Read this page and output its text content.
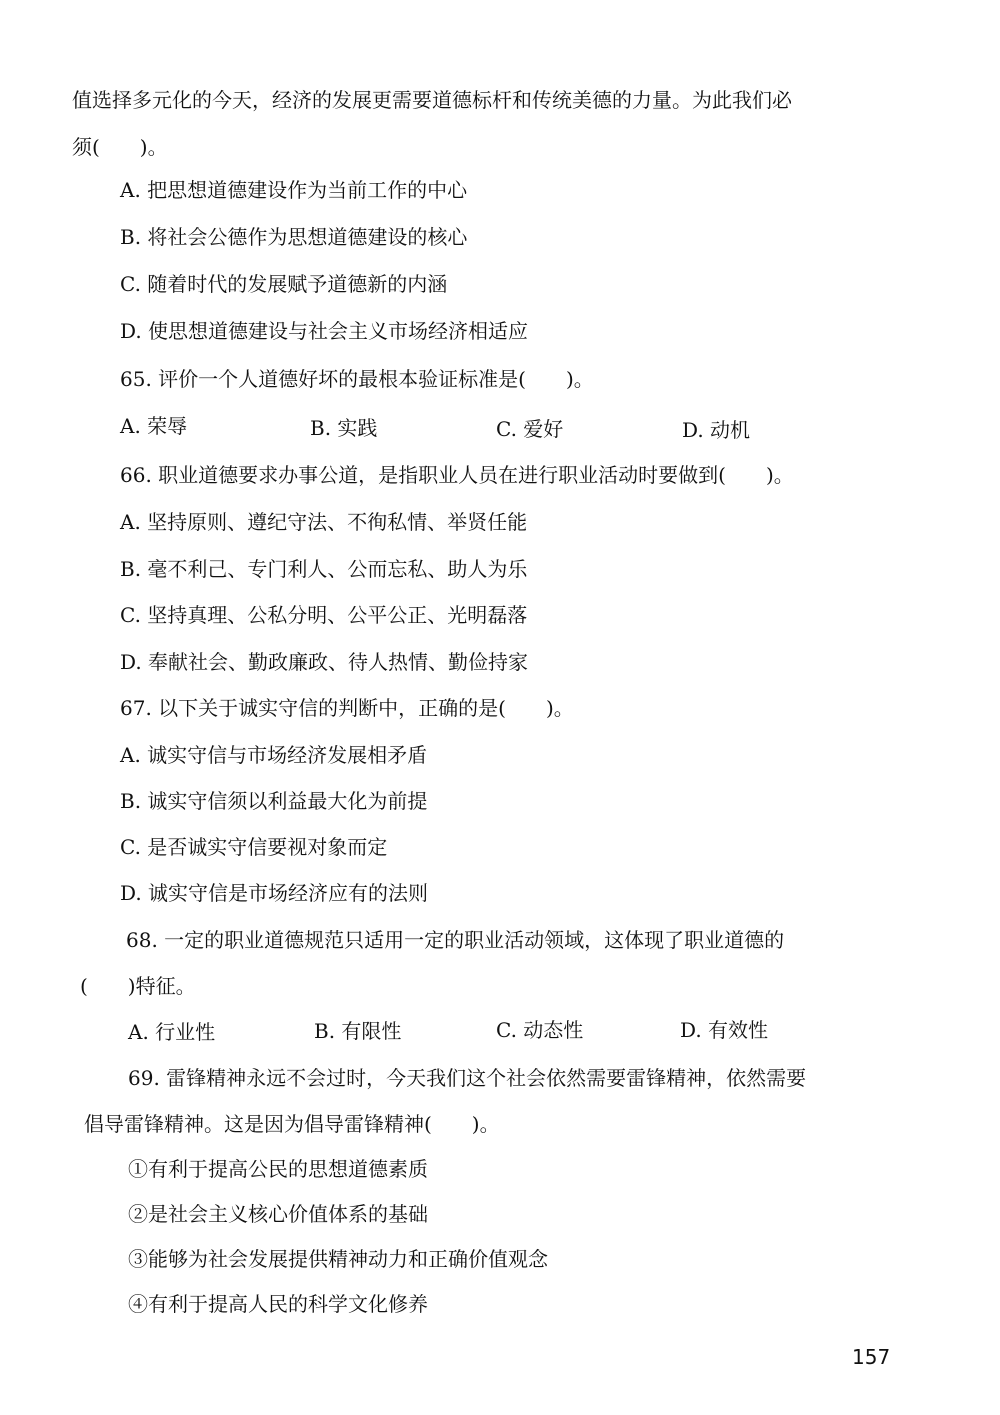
值选择多元化的今天，经济的发展更需要道德标杆和传统美德的力量。为此我们必
须(　　)。
A. 把思想道德建设作为当前工作的中心
B. 将社会公德作为思想道德建设的核心
C. 随着时代的发展赋予道德新的内涵
D. 使思想道德建设与社会主义市场经济相适应
65. 评价一个人道德好坏的最根本验证标准是(　　)。
A. 荣辱	B. 实践	C. 爱好	D. 动机
66. 职业道德要求办事公道，是指职业人员在进行职业活动时要做到(　　)。
A. 坚持原则、遵纪守法、不徇私情、举贤任能
B. 毫不利己、专门利人、公而忘私、助人为乐
C. 坚持真理、公私分明、公平公正、光明磊落
D. 奉献社会、勤政廉政、待人热情、勤俭持家
67. 以下关于诚实守信的判断中，正确的是(　　)。
A. 诚实守信与市场经济发展相矛盾
B. 诚实守信须以利益最大化为前提
C. 是否诚实守信要视对象而定
D. 诚实守信是市场经济应有的法则
68. 一定的职业道德规范只适用一定的职业活动领域，这体现了职业道德的
(　　)特征。
A. 行业性	B. 有限性	C. 动态性	D. 有效性
69. 雷锋精神永远不会过时，今天我们这个社会依然需要雷锋精神，依然需要
倡导雷锋精神。这是因为倡导雷锋精神(　　)。
①有利于提高公民的思想道德素质
②是社会主义核心价值体系的基础
③能够为社会发展提供精神动力和正确价值观念
④有利于提高人民的科学文化修养
157
